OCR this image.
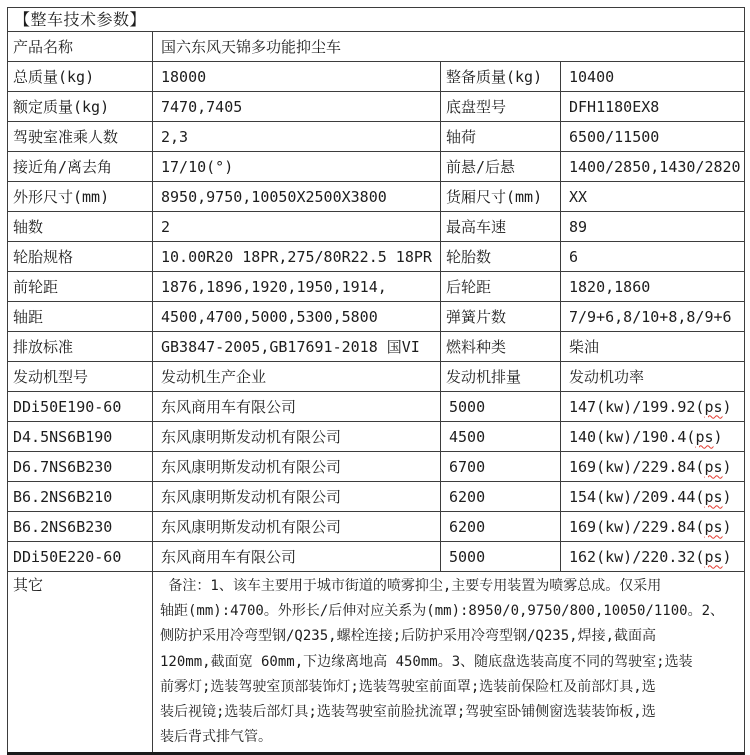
【整车技术参数】			
产品名称	国六东风天锦多功能抑尘车		
总质量(kg)	18000	整备质量(kg)	10400
额定质量(kg)	7470,7405	底盘型号	DFH1180EX8
驾驶室准乘人数	2,3	轴荷	6500/11500
接近角/离去角	17/10(°)	前悬/后悬	1400/2850,1430/2820
外形尺寸(mm)	8950,9750,10050X2500X3800	货厢尺寸(mm)	XX
轴数	2	最高车速	89
轮胎规格	10.00R20 18PR,275/80R22.5 18PR	轮胎数	6
前轮距	1876,1896,1920,1950,1914,	后轮距	1820,1860
轴距	4500,4700,5000,5300,5800	弹簧片数	7/9+6,8/10+8,8/9+6
排放标准	GB3847-2005,GB17691-2018 国VI	燃料种类	柴油
发动机型号	发动机生产企业	发动机排量	发动机功率
DDi50E190-60	东风商用车有限公司	5000	147(kw)/199.92(ps)
D4.5NS6B190	东风康明斯发动机有限公司	4500	140(kw)/190.4(ps)
D6.7NS6B230	东风康明斯发动机有限公司	6700	169(kw)/229.84(ps)
B6.2NS6B210	东风康明斯发动机有限公司	6200	154(kw)/209.44(ps)
B6.2NS6B230	东风康明斯发动机有限公司	6200	169(kw)/229.84(ps)
DDi50E220-60	东风商用车有限公司	5000	162(kw)/220.32(ps)
其它	备注：1、该车主要用于城市街道的喷雾抑尘,主要专用装置为喷雾总成。仅采用
轴距(mm):4700。外形长/后伸对应关系为(mm):8950/0,9750/800,10050/1100。2、
侧防护采用冷弯型钢/Q235,螺栓连接;后防护采用冷弯型钢/Q235,焊接,截面高
120mm,截面宽 60mm,下边缘离地高 450mm。3、随底盘选装高度不同的驾驶室;选装
前雾灯;选装驾驶室顶部装饰灯;选装驾驶室前面罩;选装前保险杠及前部灯具,选
装后视镜;选装后部灯具;选装驾驶室前脸扰流罩;驾驶室卧铺侧窗选装装饰板,选
装后背式排气管。
